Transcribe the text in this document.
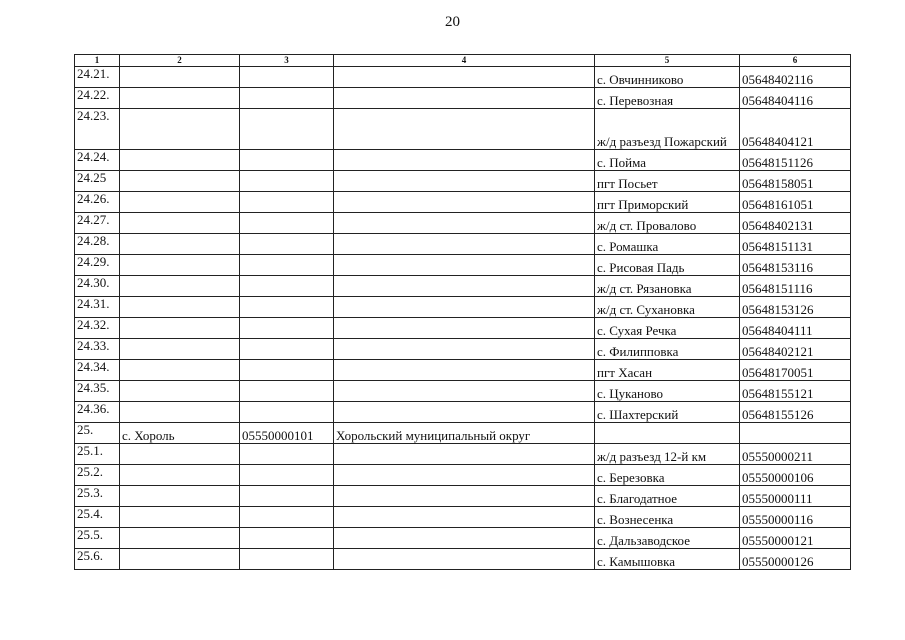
20
1	2	3	4	5	6
24.21.				с. Овчинниково	05648402116
24.22.				с. Перевозная	05648404116
24.23.				ж/д разъезд Пожарский	05648404121
24.24.				с. Пойма	05648151126
24.25				пгт Посьет	05648158051
24.26.				пгт Приморский	05648161051
24.27.				ж/д ст. Провалово	05648402131
24.28.				с. Ромашка	05648151131
24.29.				с. Рисовая Падь	05648153116
24.30.				ж/д ст. Рязановка	05648151116
24.31.				ж/д ст. Сухановка	05648153126
24.32.				с. Сухая Речка	05648404111
24.33.				с. Филипповка	05648402121
24.34.				пгт Хасан	05648170051
24.35.				с. Цуканово	05648155121
24.36.				с. Шахтерский	05648155126
25.	с. Хороль	05550000101	Хорольский муниципальный округ		
25.1.				ж/д разъезд 12-й км	05550000211
25.2.				с. Березовка	05550000106
25.3.				с. Благодатное	05550000111
25.4.				с. Вознесенка	05550000116
25.5.				с. Дальзаводское	05550000121
25.6.				с. Камышовка	05550000126
